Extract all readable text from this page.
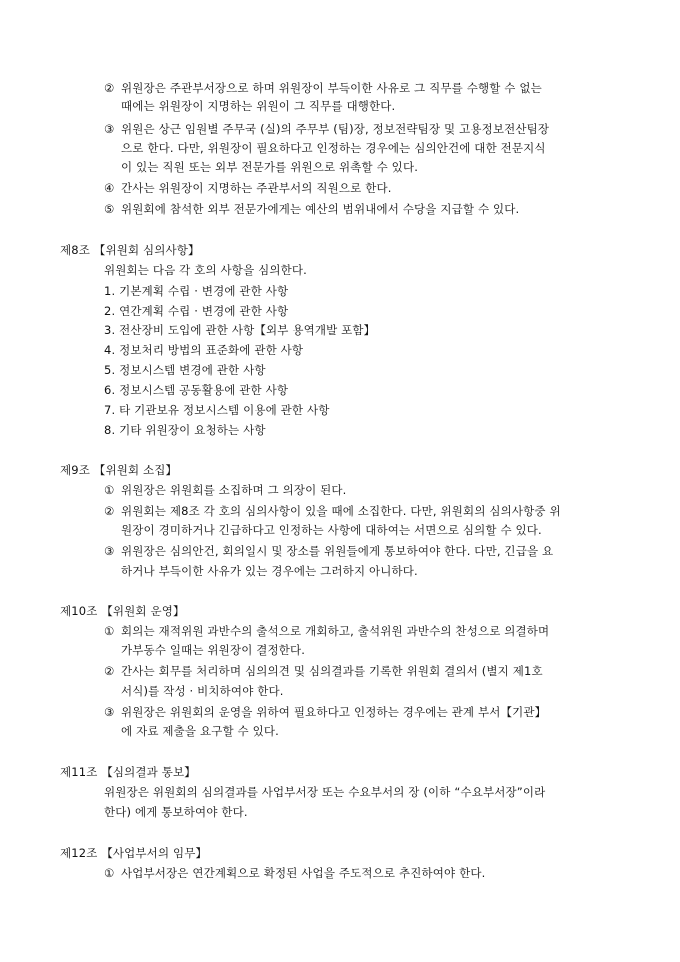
② 위원장은 주관부서장으로 하며 위원장이 부득이한 사유로 그 직무를 수행할 수 없는
때에는 위원장이 지명하는 위원이 그 직무를 대행한다.
③ 위원은 상근 임원별 주무국 (실)의 주무부 (팀)장, 정보전략팀장 및 고용정보전산팀장
으로 한다. 다만, 위원장이 필요하다고 인정하는 경우에는 심의안건에 대한 전문지식
이 있는 직원 또는 외부 전문가를 위원으로 위촉할 수 있다.
④ 간사는 위원장이 지명하는 주관부서의 직원으로 한다.
⑤ 위원회에 참석한 외부 전문가에게는 예산의 범위내에서 수당을 지급할 수 있다.
제8조 【위원회 심의사항】
위원회는 다음 각 호의 사항을 심의한다.
1. 기본계획 수립 · 변경에 관한 사항
2. 연간계획 수립 · 변경에 관한 사항
3. 전산장비 도입에 관한 사항【외부 용역개발 포함】
4. 정보처리 방법의 표준화에 관한 사항
5. 정보시스템 변경에 관한 사항
6. 정보시스템 공동활용에 관한 사항
7. 타 기관보유 정보시스템 이용에 관한 사항
8. 기타 위원장이 요청하는 사항
제9조 【위원회 소집】
① 위원장은 위원회를 소집하며 그 의장이 된다.
② 위원회는 제8조 각 호의 심의사항이 있을 때에 소집한다. 다만, 위원회의 심의사항중 위
원장이 경미하거나 긴급하다고 인정하는 사항에 대하여는 서면으로 심의할 수 있다.
③ 위원장은 심의안건, 회의일시 및 장소를 위원들에게 통보하여야 한다. 다만, 긴급을 요
하거나 부득이한 사유가 있는 경우에는 그러하지 아니하다.
제10조 【위원회 운영】
① 회의는 재적위원 과반수의 출석으로 개회하고, 출석위원 과반수의 찬성으로 의결하며
가부동수 일때는 위원장이 결정한다.
② 간사는 회무를 처리하며 심의의견 및 심의결과를 기록한 위원회 결의서 (별지 제1호
서식)를 작성 · 비치하여야 한다.
③ 위원장은 위원회의 운영을 위하여 필요하다고 인정하는 경우에는 관계 부서【기관】
에 자료 제출을 요구할 수 있다.
제11조 【심의결과 통보】
위원장은 위원회의 심의결과를 사업부서장 또는 수요부서의 장 (이하 “수요부서장”이라
한다) 에게 통보하여야 한다.
제12조 【사업부서의 임무】
① 사업부서장은 연간계획으로 확정된 사업을 주도적으로 추진하여야 한다.
